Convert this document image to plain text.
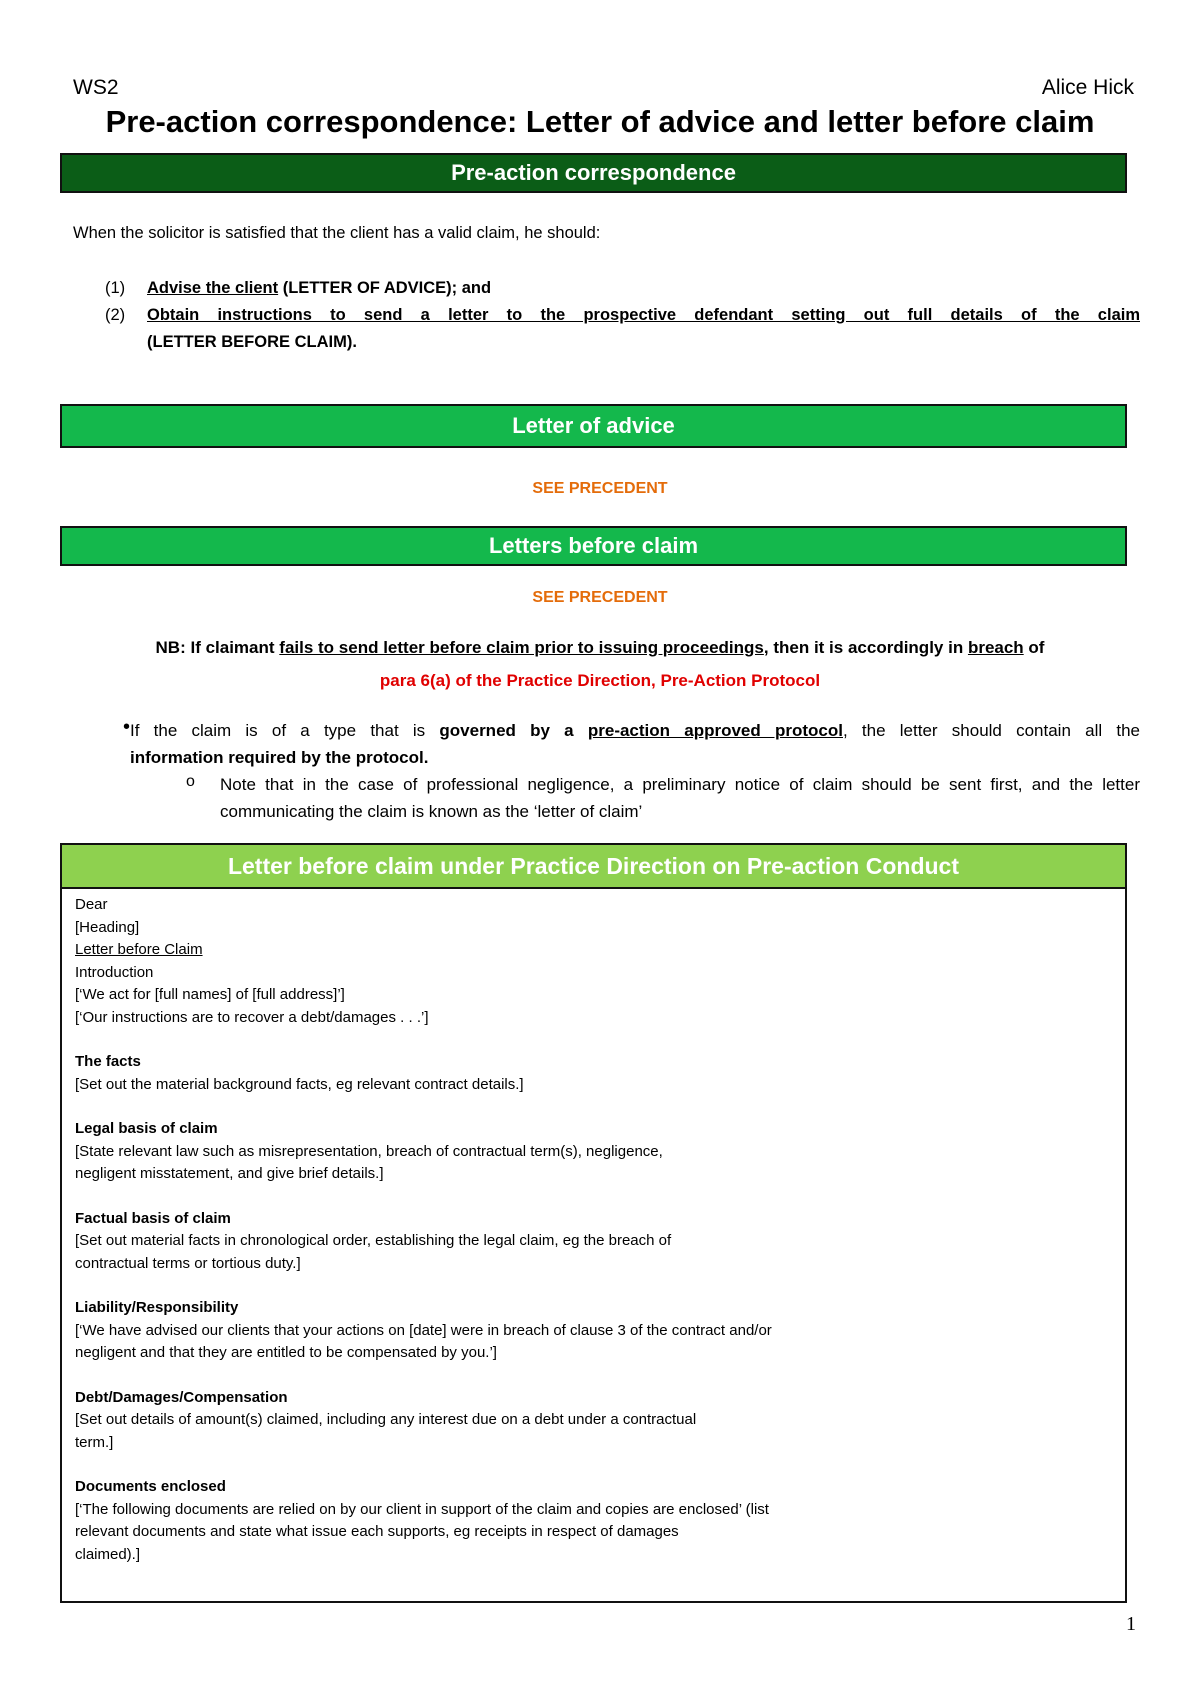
WS2	Alice Hick
Pre-action correspondence: Letter of advice and letter before claim
Pre-action correspondence
When the solicitor is satisfied that the client has a valid claim, he should:
(1) Advise the client (LETTER OF ADVICE); and
(2) Obtain instructions to send a letter to the prospective defendant setting out full details of the claim
(LETTER BEFORE CLAIM).
Letter of advice
SEE PRECEDENT
Letters before claim
SEE PRECEDENT
NB: If claimant fails to send letter before claim prior to issuing proceedings, then it is accordingly in breach of
para 6(a) of the Practice Direction, Pre-Action Protocol
• If the claim is of a type that is governed by a pre-action approved protocol, the letter should contain all the
information required by the protocol.
o Note that in the case of professional negligence, a preliminary notice of claim should be sent first, and the letter communicating the claim is known as the ‘letter of claim’
Letter before claim under Practice Direction on Pre-action Conduct
Dear
[Heading]
Letter before Claim
Introduction
[‘We act for [full names] of [full address]’]
[‘Our instructions are to recover a debt/damages . . .’]
The facts
[Set out the material background facts, eg relevant contract details.]
Legal basis of claim
[State relevant law such as misrepresentation, breach of contractual term(s), negligence,
negligent misstatement, and give brief details.]
Factual basis of claim
[Set out material facts in chronological order, establishing the legal claim, eg the breach of
contractual terms or tortious duty.]
Liability/Responsibility
[‘We have advised our clients that your actions on [date] were in breach of clause 3 of the contract and/or
negligent and that they are entitled to be compensated by you.’]
Debt/Damages/Compensation
[Set out details of amount(s) claimed, including any interest due on a debt under a contractual
term.]
Documents enclosed
[‘The following documents are relied on by our client in support of the claim and copies are enclosed’ (list
relevant documents and state what issue each supports, eg receipts in respect of damages
claimed).]
1
